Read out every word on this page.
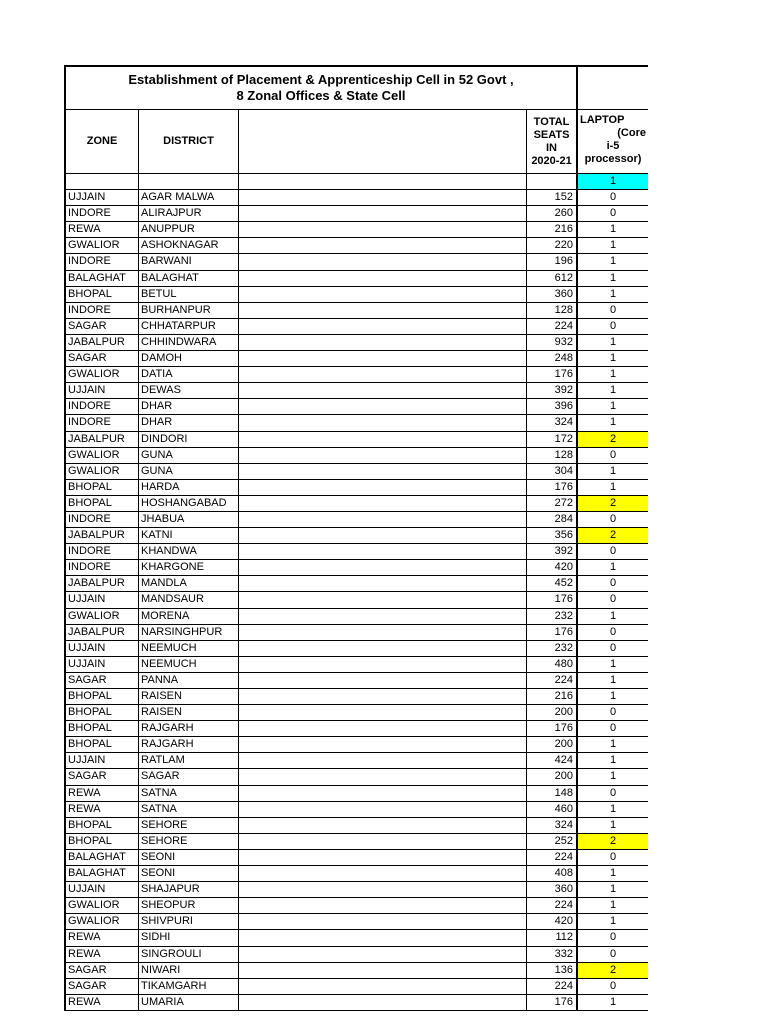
Establishment of Placement & Apprenticeship Cell in 52 Govt ,
8 Zonal Offices & State Cell
ZONE	DISTRICT
TOTAL
SEATS IN
2020-21
LAPTOP
(Core
i-5
processor)
1
UJJAIN	AGAR MALWA	152	0
INDORE	ALIRAJPUR	260	0
REWA	ANUPPUR	216	1
GWALIOR	ASHOKNAGAR	220	1
INDORE	BARWANI	196	1
BALAGHAT	BALAGHAT	612	1
BHOPAL	BETUL	360	1
INDORE	BURHANPUR	128	0
SAGAR	CHHATARPUR	224	0
JABALPUR	CHHINDWARA	932	1
SAGAR	DAMOH	248	1
GWALIOR	DATIA	176	1
UJJAIN	DEWAS	392	1
INDORE	DHAR	396	1
INDORE	DHAR	324	1
JABALPUR	DINDORI	172	2
GWALIOR	GUNA	128	0
GWALIOR	GUNA	304	1
BHOPAL	HARDA	176	1
BHOPAL	HOSHANGABAD	272	2
INDORE	JHABUA	284	0
JABALPUR	KATNI	356	2
INDORE	KHANDWA	392	0
INDORE	KHARGONE	420	1
JABALPUR	MANDLA	452	0
UJJAIN	MANDSAUR	176	0
GWALIOR	MORENA	232	1
JABALPUR	NARSINGHPUR	176	0
UJJAIN	NEEMUCH	232	0
UJJAIN	NEEMUCH	480	1
SAGAR	PANNA	224	1
BHOPAL	RAISEN	216	1
BHOPAL	RAISEN	200	0
BHOPAL	RAJGARH	176	0
BHOPAL	RAJGARH	200	1
UJJAIN	RATLAM	424	1
SAGAR	SAGAR	200	1
REWA	SATNA	148	0
REWA	SATNA	460	1
BHOPAL	SEHORE	324	1
BHOPAL	SEHORE	252	2
BALAGHAT	SEONI	224	0
BALAGHAT	SEONI	408	1
UJJAIN	SHAJAPUR	360	1
GWALIOR	SHEOPUR	224	1
GWALIOR	SHIVPURI	420	1
REWA	SIDHI	112	0
REWA	SINGROULI	332	0
SAGAR	NIWARI	136	2
SAGAR	TIKAMGARH	224	0
REWA	UMARIA	176	1
